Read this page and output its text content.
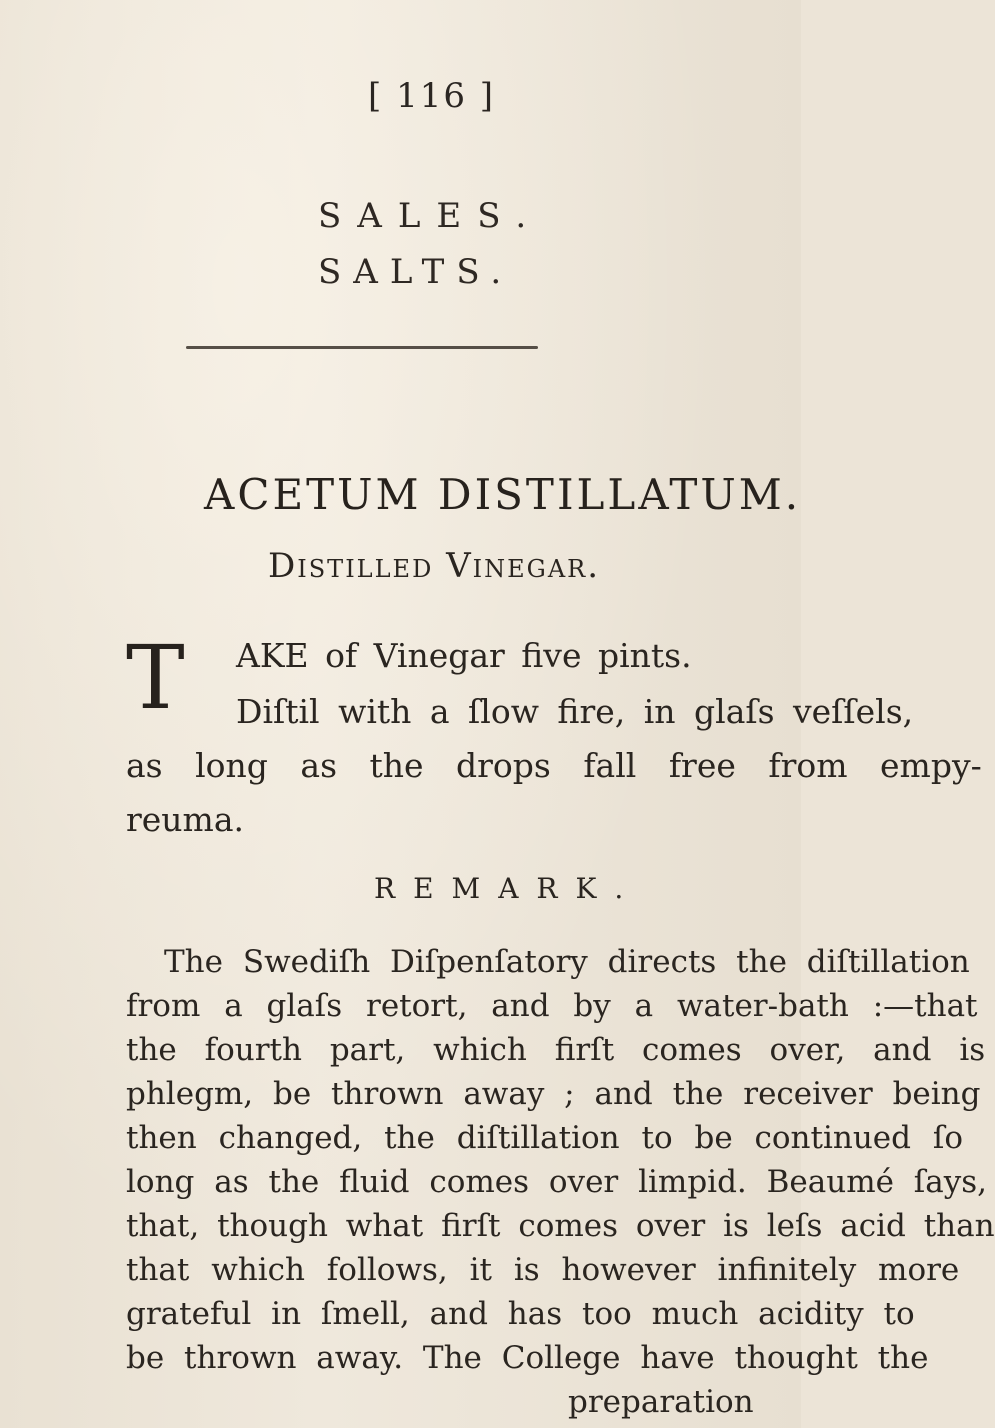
[ 116 ]
SALES.
SALTS.
ACETUM DISTILLATUM.
Distilled Vinegar.
T AKE of Vinegar five pints.
Diſtil with a ſlow fire, in glaſs veſſels,
as long as the drops fall free from empy-
reuma.
REMARK.
The Swediſh Diſpenſatory directs the diſtillation
from a glaſs retort, and by a water-bath :—that
the fourth part, which firſt comes over, and is
phlegm, be thrown away ; and the receiver being
then changed, the diſtillation to be continued ſo
long as the fluid comes over limpid. Beaumé ſays,
that, though what firſt comes over is leſs acid than
that which follows, it is however infinitely more
grateful in ſmell, and has too much acidity to
preparation
be thrown away. The College have thought the
